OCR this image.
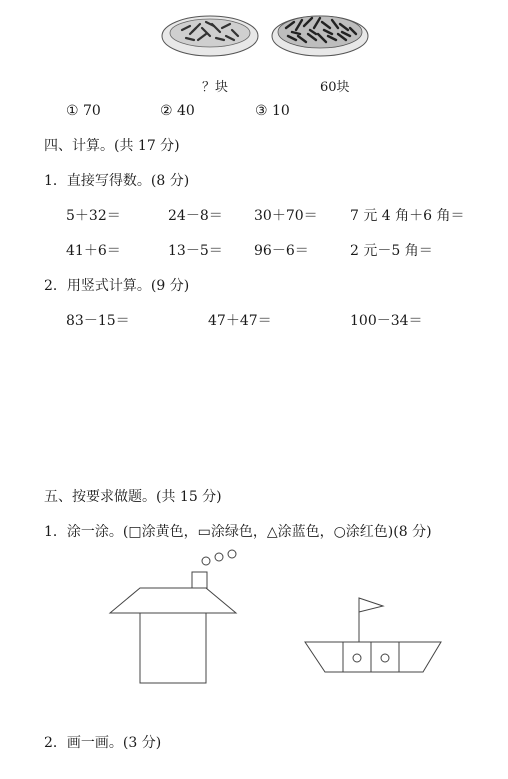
？块	60块
① 70	② 40	③ 10
四、计算。(共 17 分)
1．直接写得数。(8 分)
5＋32＝	24－8＝ 30＋70＝ 7 元 4 角＋6 角＝
41＋6＝	13－5＝ 96－6＝	2 元－5 角＝
2．用竖式计算。(9 分)
83－15＝	47＋47＝	100－34＝
五、按要求做题。(共 15 分)
1．涂一涂。(□涂黄色，▭涂绿色，△涂蓝色，○涂红色)(8 分)
2．画一画。(3 分)
